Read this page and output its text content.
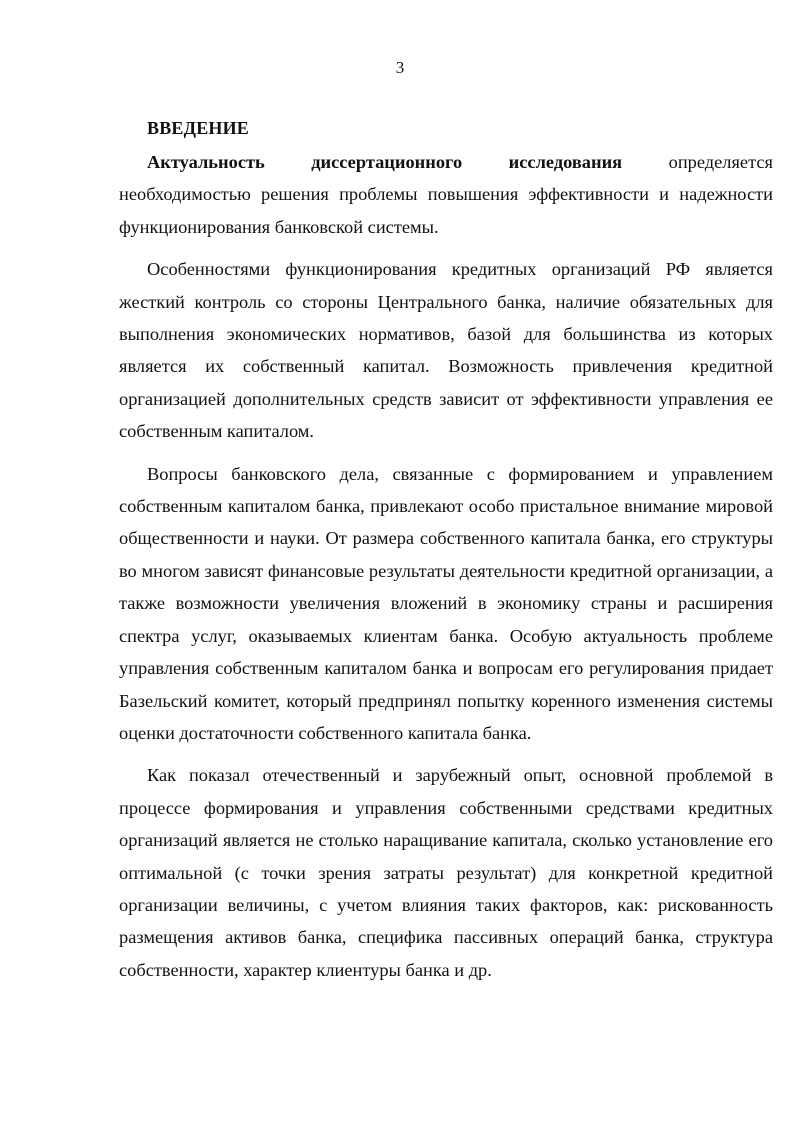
3
ВВЕДЕНИЕ
Актуальность	диссертационного	исследования	определяется

необходимостью решения проблемы повышения эффективности и надежности функционирования банковской системы.

Особенностями функционирования кредитных организаций РФ является жесткий контроль со стороны Центрального банка, наличие обязательных для выполнения экономических нормативов, базой для большинства из которых является их собственный капитал. Возможность привлечения кредитной организацией дополнительных средств зависит от эффективности управления ее собственным капиталом.

Вопросы банковского дела, связанные с формированием и управлением собственным капиталом банка, привлекают особо пристальное внимание мировой общественности и науки. От размера собственного капитала банка, его структуры во многом зависят финансовые результаты деятельности кредитной организации, а также возможности увеличения вложений в экономику страны и расширения спектра услуг, оказываемых клиентам банка. Особую актуальность проблеме управления собственным капиталом банка и вопросам его регулирования придает Базельский комитет, который предпринял попытку коренного изменения системы оценки достаточности собственного капитала банка.

Как показал отечественный и зарубежный опыт, основной проблемой в процессе формирования и управления собственными средствами кредитных организаций является не столько наращивание капитала, сколько установление его оптимальной (с точки зрения затраты результат) для конкретной кредитной организации величины, с учетом влияния таких факторов, как: рискованность размещения активов банка, специфика пассивных операций банка, структура собственности, характер клиентуры банка и др.
